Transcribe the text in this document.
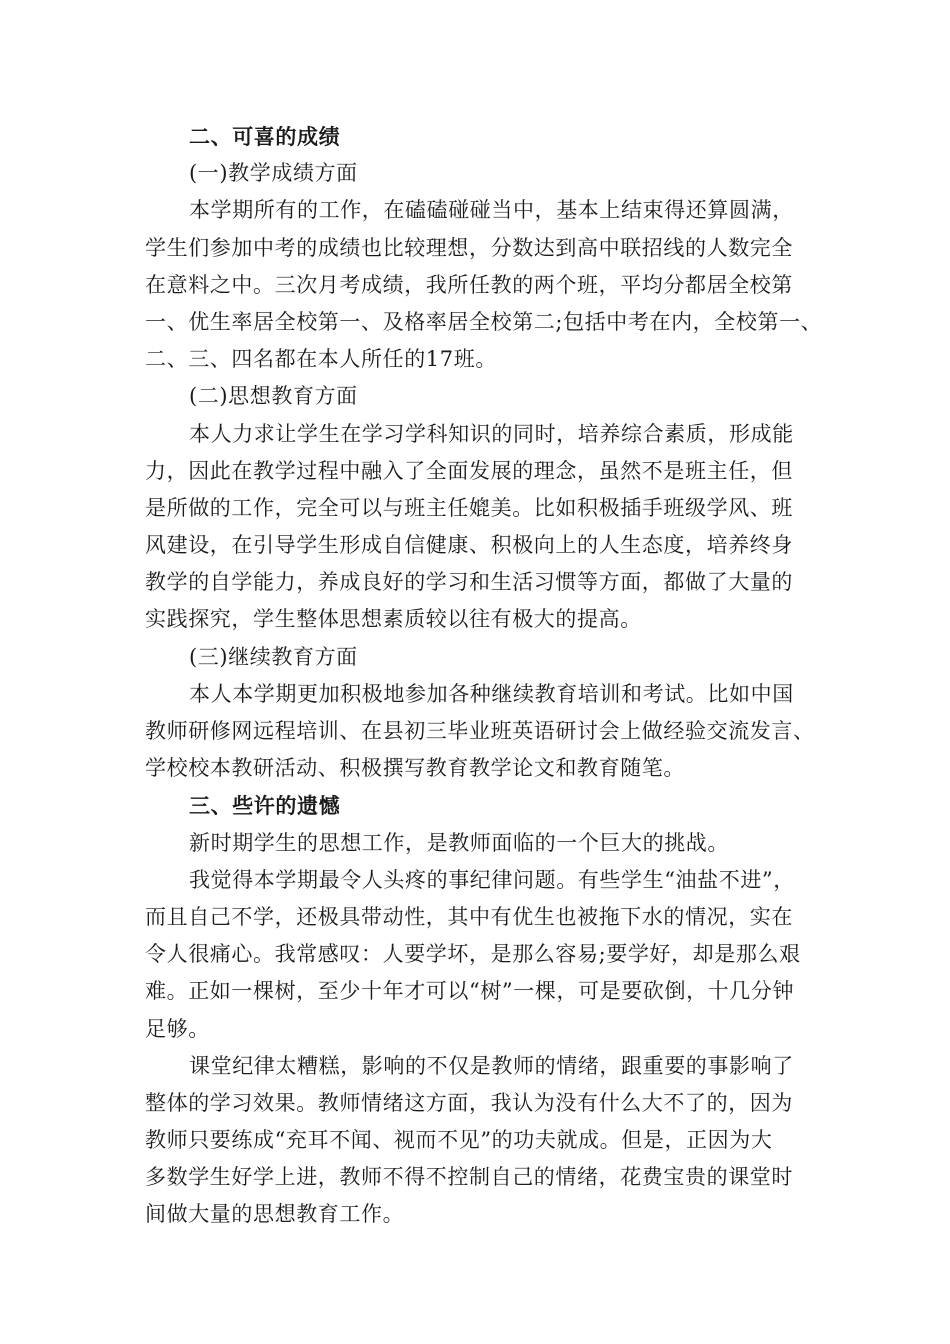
二、可喜的成绩
(一)教学成绩方面
本学期所有的工作，在磕磕碰碰当中，基本上结束得还算圆满，
学生们参加中考的成绩也比较理想，分数达到高中联招线的人数完全
在意料之中。三次月考成绩，我所任教的两个班，平均分都居全校第
一、优生率居全校第一、及格率居全校第二;包括中考在内，全校第一、
二、三、四名都在本人所任的17班。
(二)思想教育方面
本人力求让学生在学习学科知识的同时，培养综合素质，形成能
力，因此在教学过程中融入了全面发展的理念，虽然不是班主任，但
是所做的工作，完全可以与班主任媲美。比如积极插手班级学风、班
风建设，在引导学生形成自信健康、积极向上的人生态度，培养终身
教学的自学能力，养成良好的学习和生活习惯等方面，都做了大量的
实践探究，学生整体思想素质较以往有极大的提高。
(三)继续教育方面
本人本学期更加积极地参加各种继续教育培训和考试。比如中国
教师研修网远程培训、在县初三毕业班英语研讨会上做经验交流发言、
学校校本教研活动、积极撰写教育教学论文和教育随笔。
三、些许的遗憾
新时期学生的思想工作，是教师面临的一个巨大的挑战。
我觉得本学期最令人头疼的事纪律问题。有些学生“油盐不进”，
而且自己不学，还极具带动性，其中有优生也被拖下水的情况，实在
令人很痛心。我常感叹：人要学坏，是那么容易;要学好，却是那么艰
难。正如一棵树，至少十年才可以“树”一棵，可是要砍倒，十几分钟
足够。
课堂纪律太糟糕，影响的不仅是教师的情绪，跟重要的事影响了
整体的学习效果。教师情绪这方面，我认为没有什么大不了的，因为
教师只要练成“充耳不闻、视而不见”的功夫就成。但是，正因为大
多数学生好学上进，教师不得不控制自己的情绪，花费宝贵的课堂时
间做大量的思想教育工作。
